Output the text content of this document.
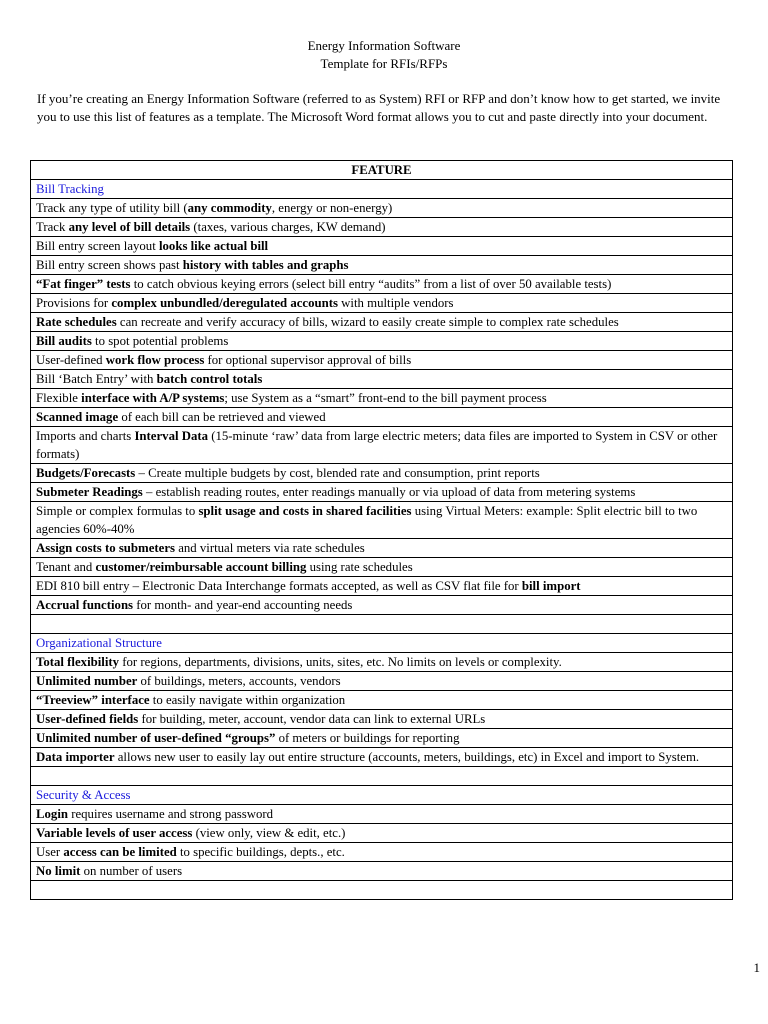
Energy Information Software
Template for RFIs/RFPs
If you’re creating an Energy Information Software (referred to as System) RFI or RFP and don’t know how to get started, we invite you to use this list of features as a template. The Microsoft Word format allows you to cut and paste directly into your document.
FEATURE
Bill Tracking
Track any type of utility bill (any commodity, energy or non-energy)
Track any level of bill details (taxes, various charges, KW demand)
Bill entry screen layout looks like actual bill
Bill entry screen shows past history with tables and graphs
“Fat finger” tests to catch obvious keying errors (select bill entry “audits” from a list of over 50 available tests)
Provisions for complex unbundled/deregulated accounts with multiple vendors
Rate schedules can recreate and verify accuracy of bills, wizard to easily create simple to complex rate schedules
Bill audits to spot potential problems
User-defined work flow process for optional supervisor approval of bills
Bill ‘Batch Entry’ with batch control totals
Flexible interface with A/P systems; use System as a “smart” front-end to the bill payment process
Scanned image of each bill can be retrieved and viewed
Imports and charts Interval Data (15-minute ‘raw’ data from large electric meters; data files are imported to System in CSV or other formats)
Budgets/Forecasts – Create multiple budgets by cost, blended rate and consumption, print reports
Submeter Readings – establish reading routes, enter readings manually or via upload of data from metering systems
Simple or complex formulas to split usage and costs in shared facilities using Virtual Meters: example: Split electric bill to two agencies 60%-40%
Assign costs to submeters and virtual meters via rate schedules
Tenant and customer/reimbursable account billing using rate schedules
EDI 810 bill entry – Electronic Data Interchange formats accepted, as well as CSV flat file for bill import
Accrual functions for month- and year-end accounting needs

Organizational Structure
Total flexibility for regions, departments, divisions, units, sites, etc. No limits on levels or complexity.
Unlimited number of buildings, meters, accounts, vendors
“Treeview” interface to easily navigate within organization
User-defined fields for building, meter, account, vendor data can link to external URLs
Unlimited number of user-defined “groups” of meters or buildings for reporting
Data importer allows new user to easily lay out entire structure (accounts, meters, buildings, etc) in Excel and import to System.

Security & Access
Login requires username and strong password
Variable levels of user access (view only, view & edit, etc.)
User access can be limited to specific buildings, depts., etc.
No limit on number of users

1
